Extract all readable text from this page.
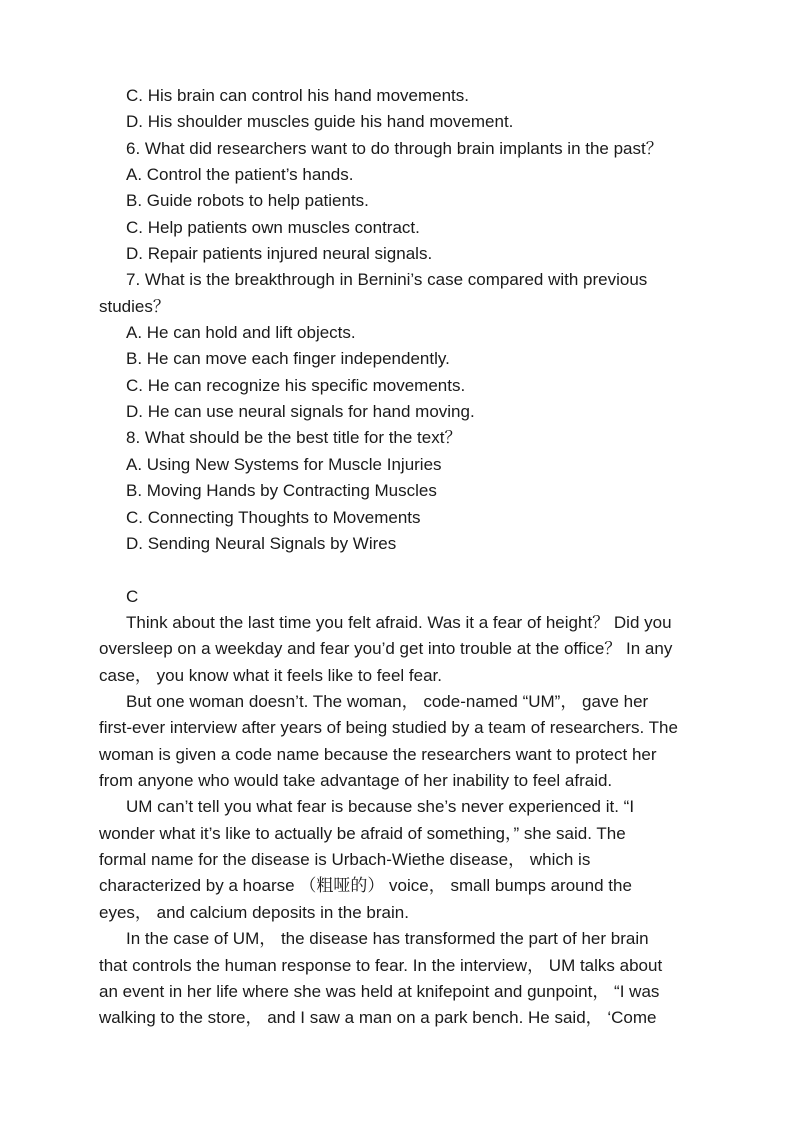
C. His brain can control his hand movements.
D. His shoulder muscles guide his hand movement.
6. What did researchers want to do through brain implants in the past？
A. Control the patient’s hands.
B. Guide robots to help patients.
C. Help patients own muscles contract.
D. Repair patients injured neural signals.
7. What is the breakthrough in Bernini’s case compared with previous
studies？
A. He can hold and lift objects.
B. He can move each finger independently.
C. He can recognize his specific movements.
D. He can use neural signals for hand moving.
8. What should be the best title for the text？
A. Using New Systems for Muscle Injuries
B. Moving Hands by Contracting Muscles
C. Connecting Thoughts to Movements
D. Sending Neural Signals by Wires
C
Think about the last time you felt afraid. Was it a fear of height？ Did you
oversleep on a weekday and fear you’d get into trouble at the office？ In any
case， you know what it feels like to feel fear.
But one woman doesn’t. The woman， code-named “UM”， gave her
first-ever interview after years of being studied by a team of researchers. The
woman is given a code name because the researchers want to protect her
from anyone who would take advantage of her inability to feel afraid.
UM can’t tell you what fear is because she’s never experienced it. “I
wonder what it’s like to actually be afraid of something，” she said. The
formal name for the disease is Urbach-Wiethe disease， which is
characterized by a hoarse （粗哑的） voice， small bumps around the
eyes， and calcium deposits in the brain.
In the case of UM， the disease has transformed the part of her brain
that controls the human response to fear. In the interview， UM talks about
an event in her life where she was held at knifepoint and gunpoint， “I was
walking to the store， and I saw a man on a park bench. He said， ‘Come
